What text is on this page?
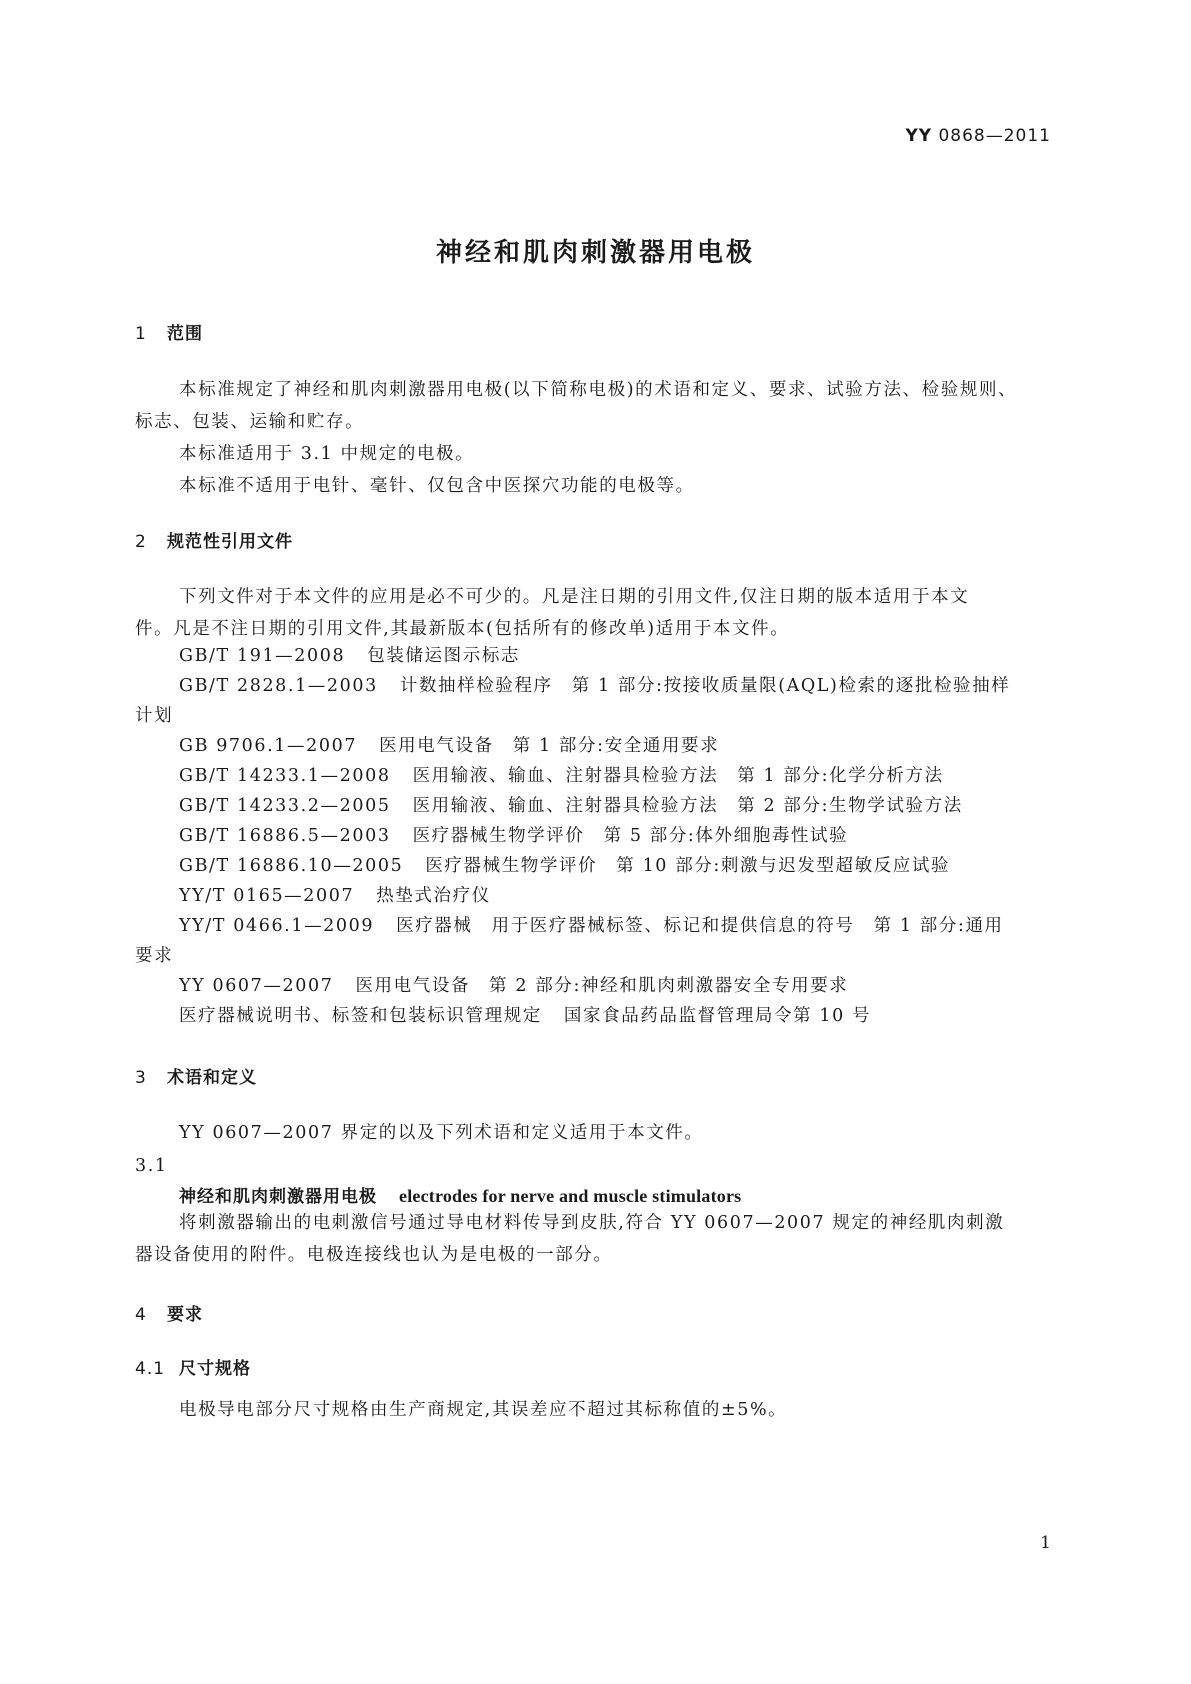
YY 0868—2011
神经和肌肉刺激器用电极
1 范围
本标准规定了神经和肌肉刺激器用电极(以下简称电极)的术语和定义、要求、试验方法、检验规则、
标志、包装、运输和贮存。
本标准适用于 3.1 中规定的电极。
本标准不适用于电针、毫针、仅包含中医探穴功能的电极等。
2 规范性引用文件
下列文件对于本文件的应用是必不可少的。凡是注日期的引用文件,仅注日期的版本适用于本文
件。凡是不注日期的引用文件,其最新版本(包括所有的修改单)适用于本文件。
GB/T 191—2008 包装储运图示标志
GB/T 2828.1—2003 计数抽样检验程序　第 1 部分:按接收质量限(AQL)检索的逐批检验抽样
计划
GB 9706.1—2007 医用电气设备　第 1 部分:安全通用要求
GB/T 14233.1—2008 医用输液、输血、注射器具检验方法　第 1 部分:化学分析方法
GB/T 14233.2—2005 医用输液、输血、注射器具检验方法　第 2 部分:生物学试验方法
GB/T 16886.5—2003 医疗器械生物学评价　第 5 部分:体外细胞毒性试验
GB/T 16886.10—2005 医疗器械生物学评价　第 10 部分:刺激与迟发型超敏反应试验
YY/T 0165—2007 热垫式治疗仪
YY/T 0466.1—2009 医疗器械　用于医疗器械标签、标记和提供信息的符号　第 1 部分:通用
要求
YY 0607—2007 医用电气设备　第 2 部分:神经和肌肉刺激器安全专用要求
医疗器械说明书、标签和包装标识管理规定 国家食品药品监督管理局令第 10 号
3 术语和定义
YY 0607—2007 界定的以及下列术语和定义适用于本文件。
3.1
神经和肌肉刺激器用电极 electrodes for nerve and muscle stimulators
将刺激器输出的电刺激信号通过导电材料传导到皮肤,符合 YY 0607—2007 规定的神经肌肉刺激
器设备使用的附件。电极连接线也认为是电极的一部分。
4 要求
4.1 尺寸规格
电极导电部分尺寸规格由生产商规定,其误差应不超过其标称值的±5%。
1
